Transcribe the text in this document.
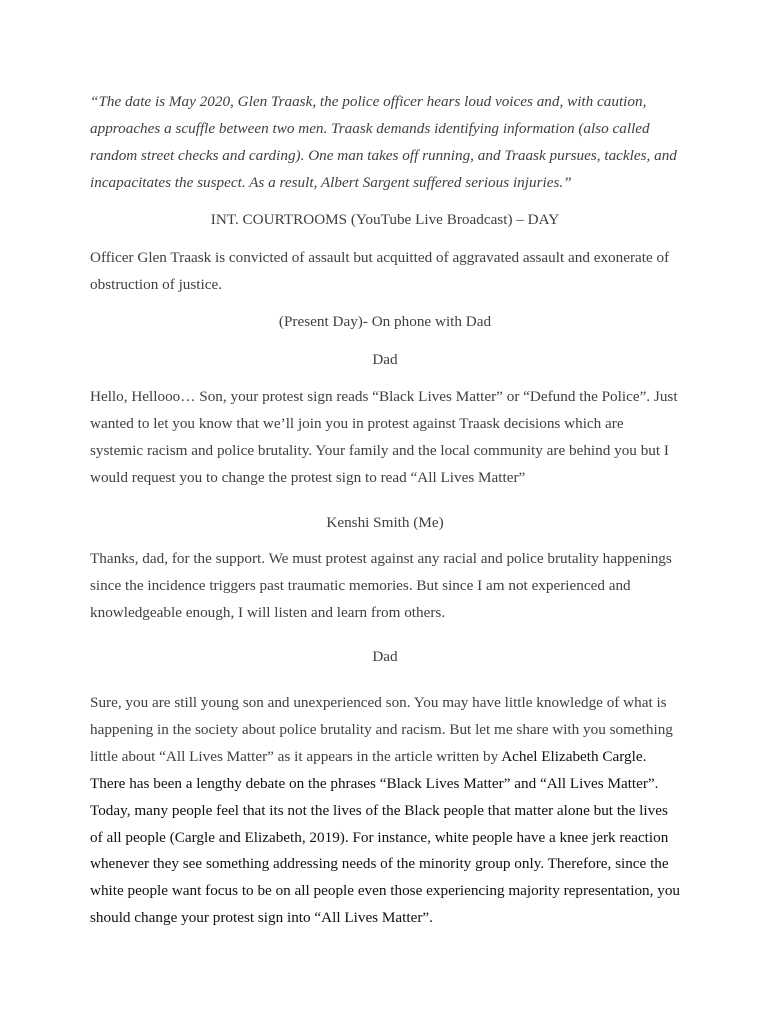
“The date is May 2020, Glen Traask, the police officer hears loud voices and, with caution, approaches a scuffle between two men. Traask demands identifying information (also called random street checks and carding). One man takes off running, and Traask pursues, tackles, and incapacitates the suspect. As a result, Albert Sargent suffered serious injuries.”

INT. COURTROOMS (YouTube Live Broadcast) – DAY

Officer Glen Traask is convicted of assault but acquitted of aggravated assault and exonerate of obstruction of justice.

(Present Day)- On phone with Dad

Dad

Hello, Hellooo… Son, your protest sign reads “Black Lives Matter” or “Defund the Police”. Just wanted to let you know that we’ll join you in protest against Traask decisions which are systemic racism and police brutality. Your family and the local community are behind you but I would request you to change the protest sign to read “All Lives Matter”

Kenshi Smith (Me)

Thanks, dad, for the support. We must protest against any racial and police brutality happenings since the incidence triggers past traumatic memories. But since I am not experienced and knowledgeable enough, I will listen and learn from others.

Dad

Sure, you are still young son and unexperienced son. You may have little knowledge of what is happening in the society about police brutality and racism. But let me share with you something little about “All Lives Matter” as it appears in the article written by Achel Elizabeth Cargle. There has been a lengthy debate on the phrases “Black Lives Matter” and “All Lives Matter”. Today, many people feel that its not the lives of the Black people that matter alone but the lives of all people (Cargle and Elizabeth, 2019). For instance, white people have a knee jerk reaction whenever they see something addressing needs of the minority group only. Therefore, since the white people want focus to be on all people even those experiencing majority representation, you should change your protest sign into “All Lives Matter”.
